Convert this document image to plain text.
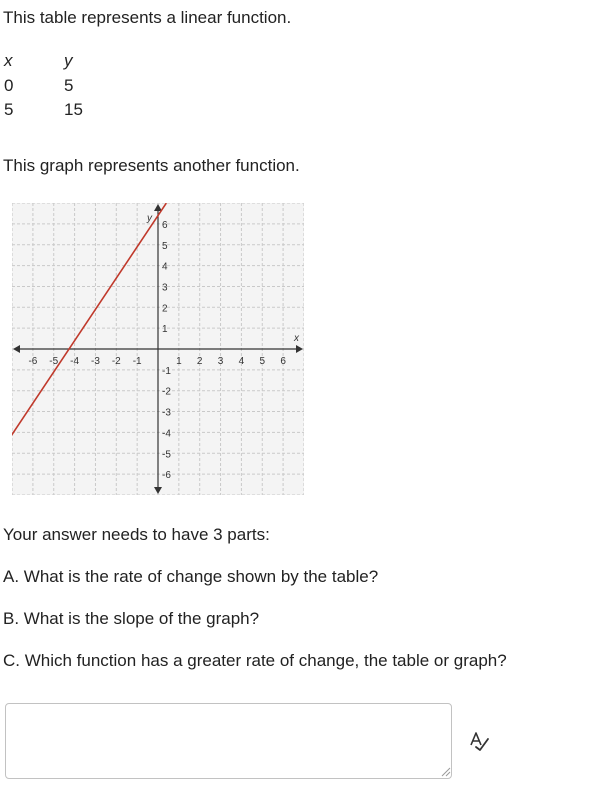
This table represents a linear function.
x	y
0	5
5	15
This graph represents another function.
-6 -5 -4 -3 -2 -1	1 2 3 4 5 6
6
5
4
3
2
1
-1
-2
-3
-4
-5
-6
x
y
Your answer needs to have 3 parts:
A. What is the rate of change shown by the table?
B. What is the slope of the graph?
C. Which function has a greater rate of change, the table or graph?
